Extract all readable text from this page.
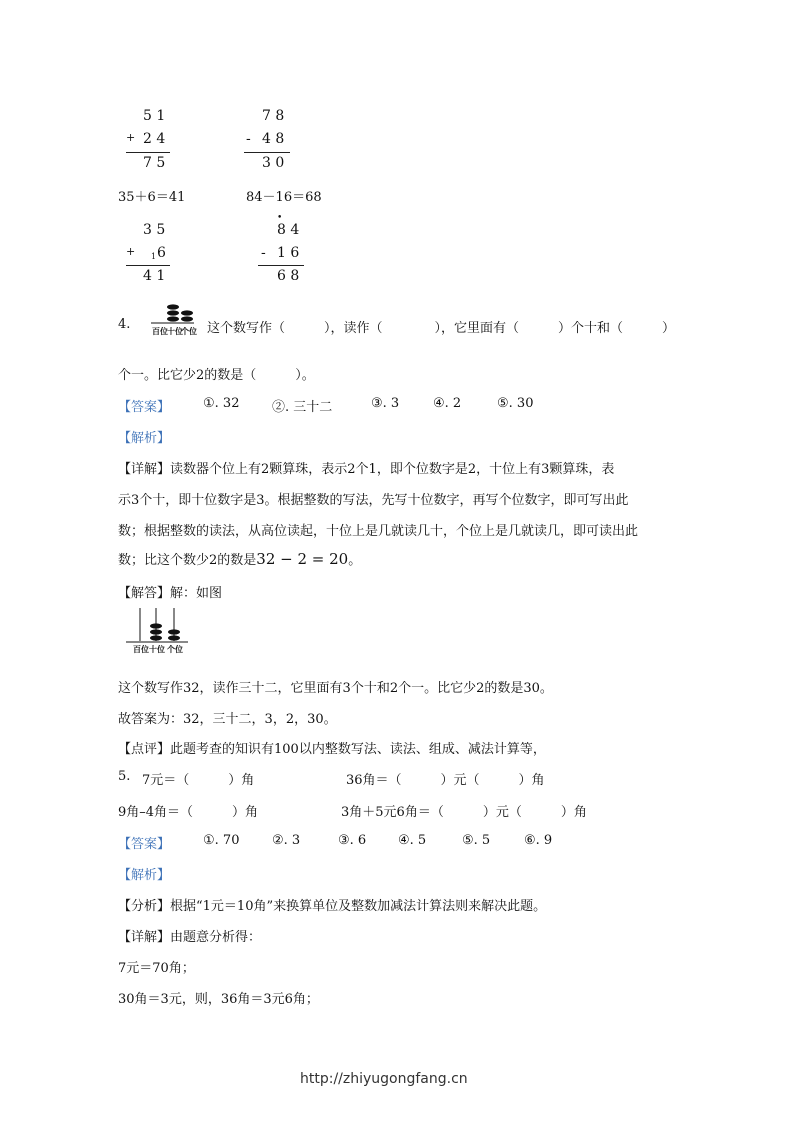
5 1
+ 2 4
7 5
7 8
- 4 8
3 0
35＋6＝41	84－16＝68
3 5
+ 1 6
4 1
•
8 4
- 1 6
6 8
4.	百位 十位
个位 这个数写作（　　　），读作（　　　　），它里面有（　　　）个十和（　　　）
个一。比它少2的数是（　　　）。
【答案】	①. 32	②. 三十二	③. 3	④. 2	⑤. 30
【解析】
【详解】读数器个位上有2颗算珠，表示2个1，即个位数字是2，十位上有3颗算珠，表
示3个十，即十位数字是3。根据整数的写法，先写十位数字，再写个位数字，即可写出此
数；根据整数的读法，从高位读起，十位上是几就读几十，个位上是几就读几，即可读出此
数；比这个数少2的数是32 − 2 = 20。
【解答】解：如图
百位 十位 个位
这个数写作32，读作三十二，它里面有3个十和2个一。比它少2的数是30。
故答案为：32，三十二，3，2，30。
【点评】此题考查的知识有100以内整数写法、读法、组成、减法计算等，
5. 7元＝（　　　）角	36角＝（　　　）元（　　　）角
9角–4角＝（　　　）角	3角＋5元6角＝（　　　）元（　　　）角
【答案】	①. 70	②. 3	③. 6 ④. 5	⑤. 5	⑥. 9
【解析】
【分析】根据“1元＝10角”来换算单位及整数加减法计算法则来解决此题。
【详解】由题意分析得：
7元＝70角；
30角＝3元，则，36角＝3元6角；
http://zhiyugongfang.cn
